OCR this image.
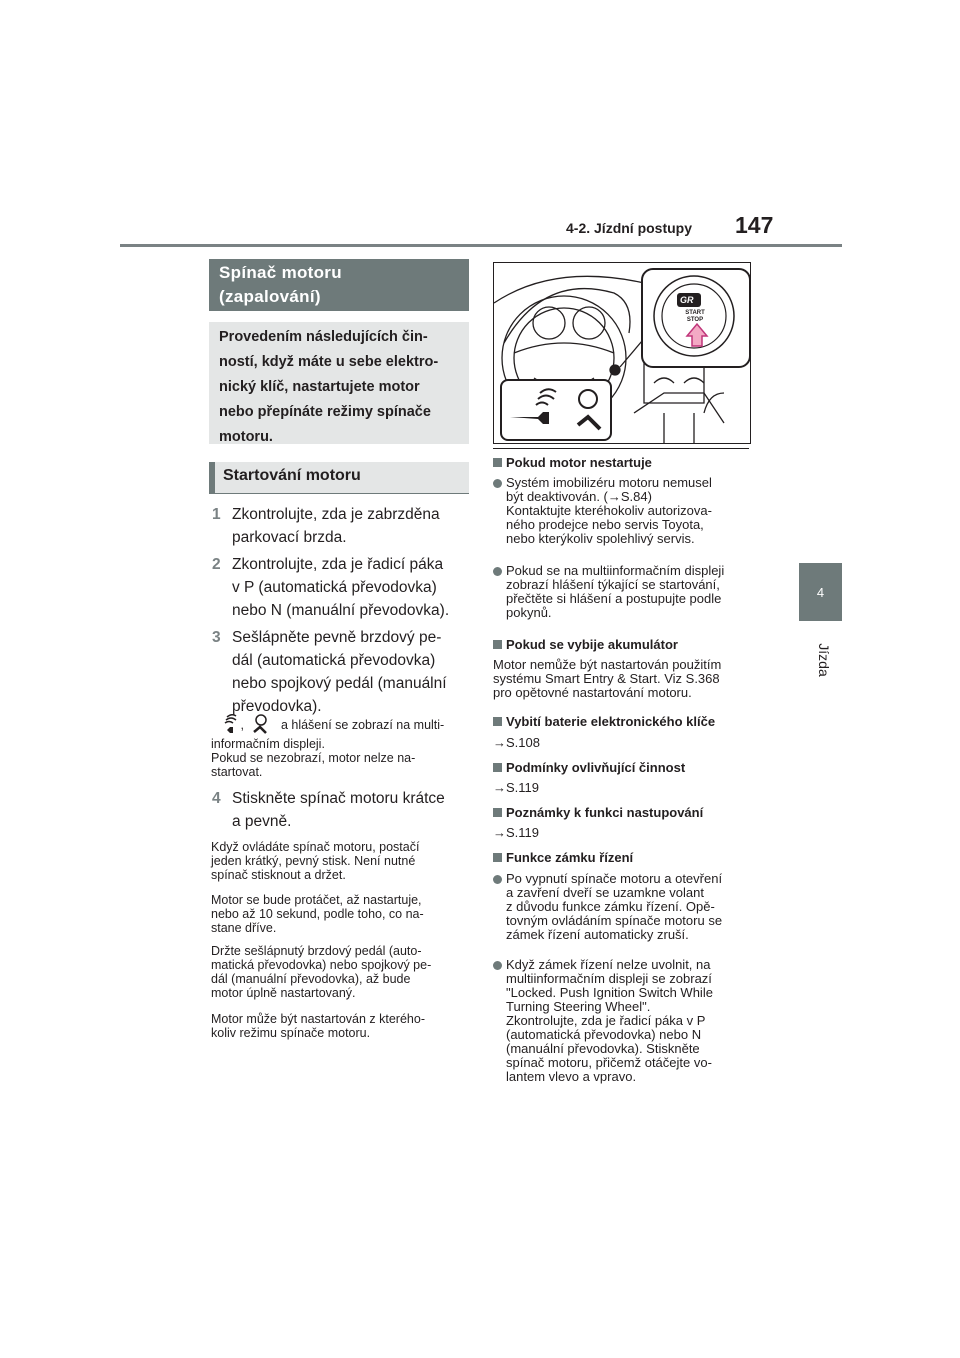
4-2. Jízdní postupy 147
4
Jízda
Spínač motoru
(zapalování)
Provedením následujících čin-
ností, když máte u sebe elektro-
nický klíč, nastartujete motor
nebo přepínáte režimy spínače
motoru.
Startování motoru
1 Zkontrolujte, zda je zabrzděna
parkovací brzda.
2 Zkontrolujte, zda je řadicí páka
v P (automatická převodovka)
nebo N (manuální převodovka).
3 Sešlápněte pevně brzdový pe-
dál (automatická převodovka)
nebo spojkový pedál (manuální
převodovka).
,	a hlášení se zobrazí na multi-
informačním displeji.
Pokud se nezobrazí, motor nelze na-
startovat.
4 Stiskněte spínač motoru krátce
a pevně.
Když ovládáte spínač motoru, postačí
jeden krátký, pevný stisk. Není nutné
spínač stisknout a držet.
Motor se bude protáčet, až nastartuje,
nebo až 10 sekund, podle toho, co na-
stane dříve.
Držte sešlápnutý brzdový pedál (auto-
matická převodovka) nebo spojkový pe-
dál (manuální převodovka), až bude
motor úplně nastartovaný.
Motor může být nastartován z kterého-
koliv režimu spínače motoru.
GR
START
STOP
Pokud motor nestartuje
Systém imobilizéru motoru nemusel
být deaktivován. (→S.84)
Kontaktujte kteréhokoliv autorizova-
ného prodejce nebo servis Toyota,
nebo kterýkoliv spolehlivý servis.
Pokud se na multiinformačním displeji
zobrazí hlášení týkající se startování,
přečtěte si hlášení a postupujte podle
pokynů.
Pokud se vybije akumulátor
Motor nemůže být nastartován použitím
systému Smart Entry & Start. Viz S.368
pro opětovné nastartování motoru.
Vybití baterie elektronického klíče
→S.108
Podmínky ovlivňující činnost
→S.119
Poznámky k funkci nastupování
→S.119
Funkce zámku řízení
Po vypnutí spínače motoru a otevření
a zavření dveří se uzamkne volant
z důvodu funkce zámku řízení. Opě-
tovným ovládáním spínače motoru se
zámek řízení automaticky zruší.
Když zámek řízení nelze uvolnit, na
multiinformačním displeji se zobrazí
"Locked. Push Ignition Switch While
Turning Steering Wheel".
Zkontrolujte, zda je řadicí páka v P
(automatická převodovka) nebo N
(manuální převodovka). Stiskněte
spínač motoru, přičemž otáčejte vo-
lantem vlevo a vpravo.
